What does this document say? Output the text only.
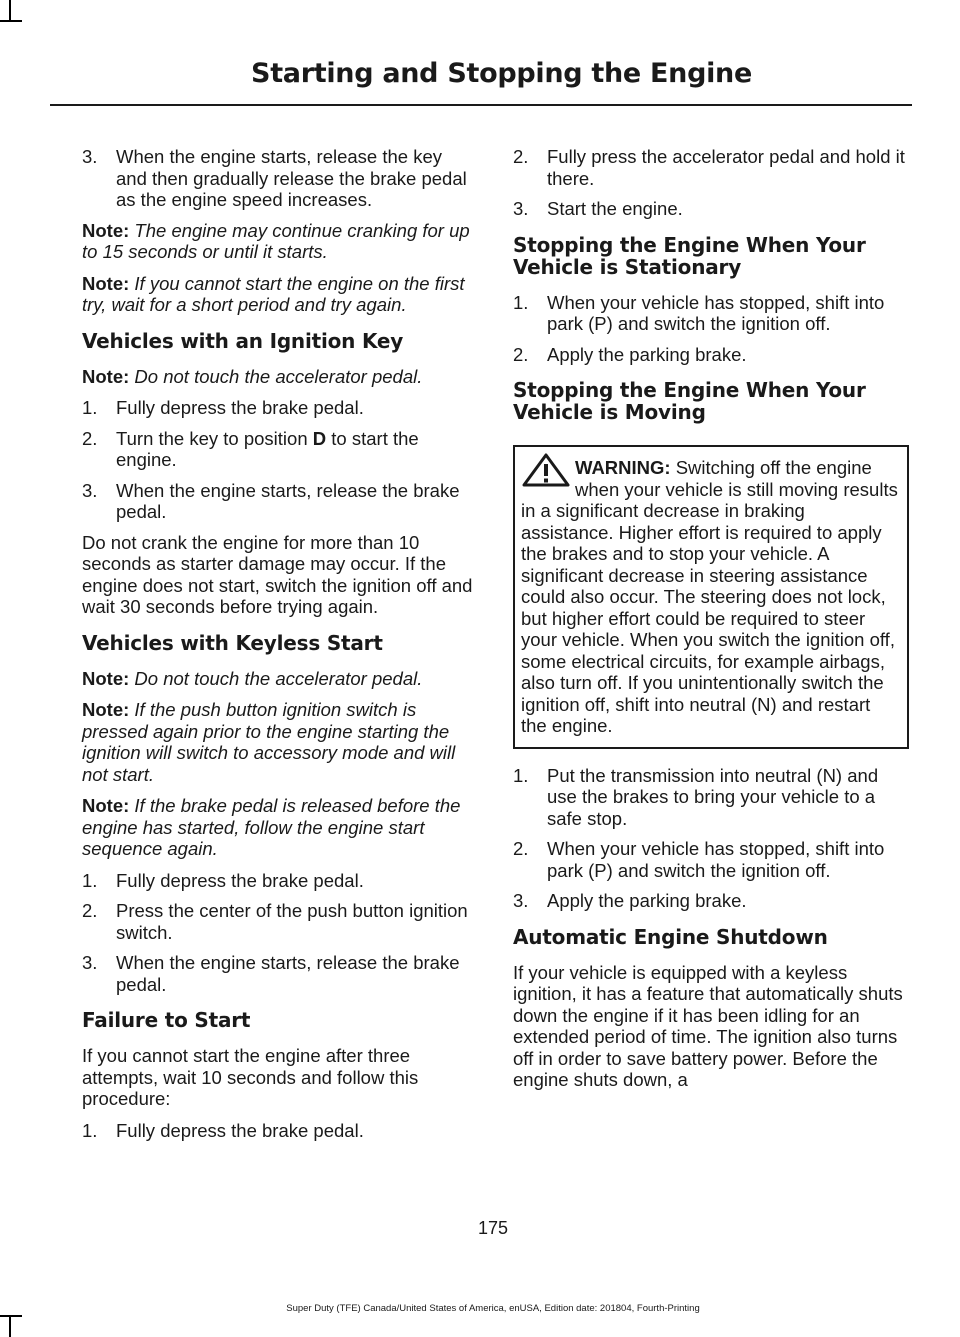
Starting and Stopping the Engine
3. When the engine starts, release the key and then gradually release the brake pedal as the engine speed increases.

Note: The engine may continue cranking for up to 15 seconds or until it starts.

Note: If you cannot start the engine on the first try, wait for a short period and try again.

Vehicles with an Ignition Key

Note: Do not touch the accelerator pedal.

1. Fully depress the brake pedal.
2. Turn the key to position D to start the engine.
3. When the engine starts, release the brake pedal.

Do not crank the engine for more than 10 seconds as starter damage may occur. If the engine does not start, switch the ignition off and wait 30 seconds before trying again.

Vehicles with Keyless Start

Note: Do not touch the accelerator pedal.

Note: If the push button ignition switch is pressed again prior to the engine starting the ignition will switch to accessory mode and will not start.

Note: If the brake pedal is released before the engine has started, follow the engine start sequence again.

1. Fully depress the brake pedal.
2. Press the center of the push button ignition switch.
3. When the engine starts, release the brake pedal.
Failure to Start

If you cannot start the engine after three attempts, wait 10 seconds and follow this procedure:

1. Fully depress the brake pedal.
2. Fully press the accelerator pedal and hold it there.
3. Start the engine.
Stopping the Engine When Your Vehicle is Stationary
1. When your vehicle has stopped, shift into park (P) and switch the ignition off.
2. Apply the parking brake.
Stopping the Engine When Your Vehicle is Moving
WARNING: Switching off the engine when your vehicle is still moving results in a significant decrease in braking assistance. Higher effort is required to apply the brakes and to stop your vehicle. A significant decrease in steering assistance could also occur. The steering does not lock, but higher effort could be required to steer your vehicle. When you switch the ignition off, some electrical circuits, for example airbags, also turn off. If you unintentionally switch the ignition off, shift into neutral (N) and restart the engine.
1. Put the transmission into neutral (N) and use the brakes to bring your vehicle to a safe stop.
2. When your vehicle has stopped, shift into park (P) and switch the ignition off.
3. Apply the parking brake.
Automatic Engine Shutdown

If your vehicle is equipped with a keyless ignition, it has a feature that automatically shuts down the engine if it has been idling for an extended period of time. The ignition also turns off in order to save battery power. Before the engine shuts down, a

175
Super Duty (TFE) Canada/United States of America, enUSA, Edition date: 201804, Fourth-Printing
